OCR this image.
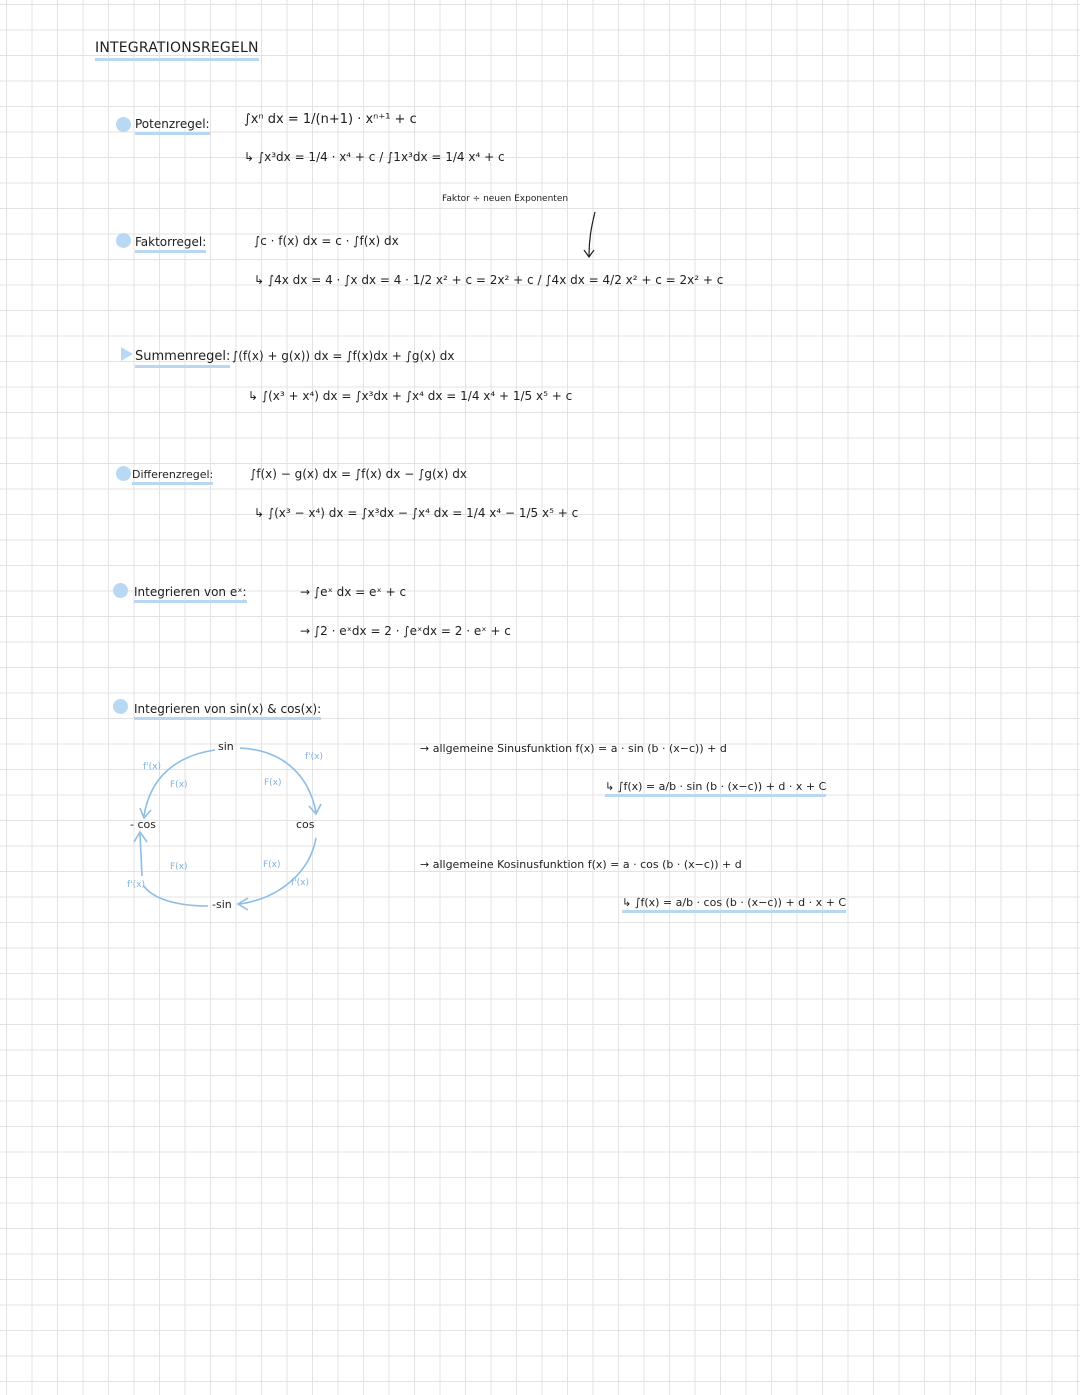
INTEGRATIONSREGELN
Potenzregel:	∫xⁿ dx = 1/(n+1) · xⁿ⁺¹ + c
↳ ∫x³dx = 1/4 · x⁴ + c / ∫1x³dx = 1/4 x⁴ + c
Faktor ÷ neuen Exponenten
Faktorregel:	∫c · f(x) dx = c · ∫f(x) dx
↳ ∫4x dx = 4 · ∫x dx = 4 · 1/2 x² + c = 2x² + c / ∫4x dx = 4/2 x² + c = 2x² + c
Summenregel: ∫(f(x) + g(x)) dx = ∫f(x)dx + ∫g(x) dx
↳ ∫(x³ + x⁴) dx = ∫x³dx + ∫x⁴ dx = 1/4 x⁴ + 1/5 x⁵ + c
Differenzregel:	∫f(x) − g(x) dx = ∫f(x) dx − ∫g(x) dx
↳ ∫(x³ − x⁴) dx = ∫x³dx − ∫x⁴ dx = 1/4 x⁴ − 1/5 x⁵ + c
Integrieren von eˣ:	→ ∫eˣ dx = eˣ + c
→ ∫2 · eˣdx = 2 · ∫eˣdx = 2 · eˣ + c
Integrieren von sin(x) & cos(x):
sin
cos
- cos
-sin
f'(x)
f'(x)
f'(x)	f'(x)
F(x)	F(x)
F(x)	F(x)
→ allgemeine Sinusfunktion f(x) = a · sin (b · (x−c)) + d
↳ ∫f(x) = a/b · sin (b · (x−c)) + d · x + C
→ allgemeine Kosinusfunktion f(x) = a · cos (b · (x−c)) + d
↳ ∫f(x) = a/b · cos (b · (x−c)) + d · x + C
